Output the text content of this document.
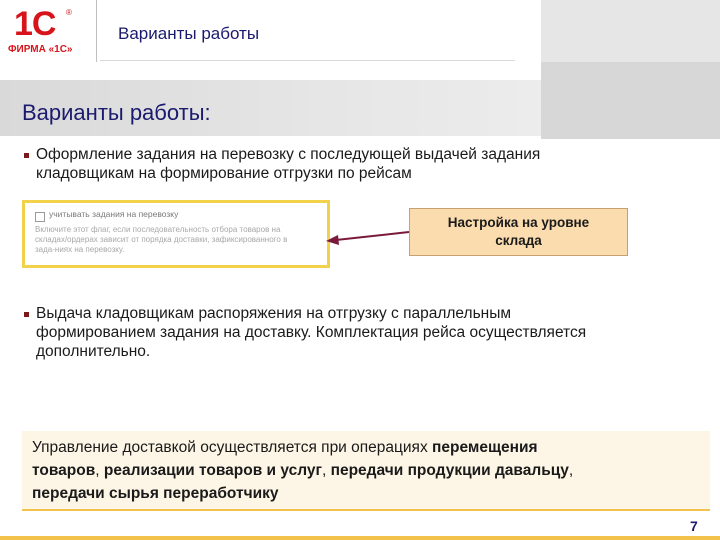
1С ®
ФИРМА «1С»
Варианты работы
Варианты работы:
Оформление задания на перевозку с последующей выдачей задания
кладовщикам на формирование отгрузки по рейсам
учитывать задания на перевозку
Включите этот флаг, если последовательность отбора товаров на
складах/ордерах зависит от порядка доставки, зафиксированного в
зада-ниях на перевозку.
Настройка на уровне
склада
Выдача кладовщикам распоряжения на отгрузку с параллельным
формированием задания на доставку. Комплектация рейса осуществляется
дополнительно.
Управление доставкой осуществляется при операциях перемещения
товаров, реализации товаров и услуг, передачи продукции давальцу,
передачи сырья переработчику
7
